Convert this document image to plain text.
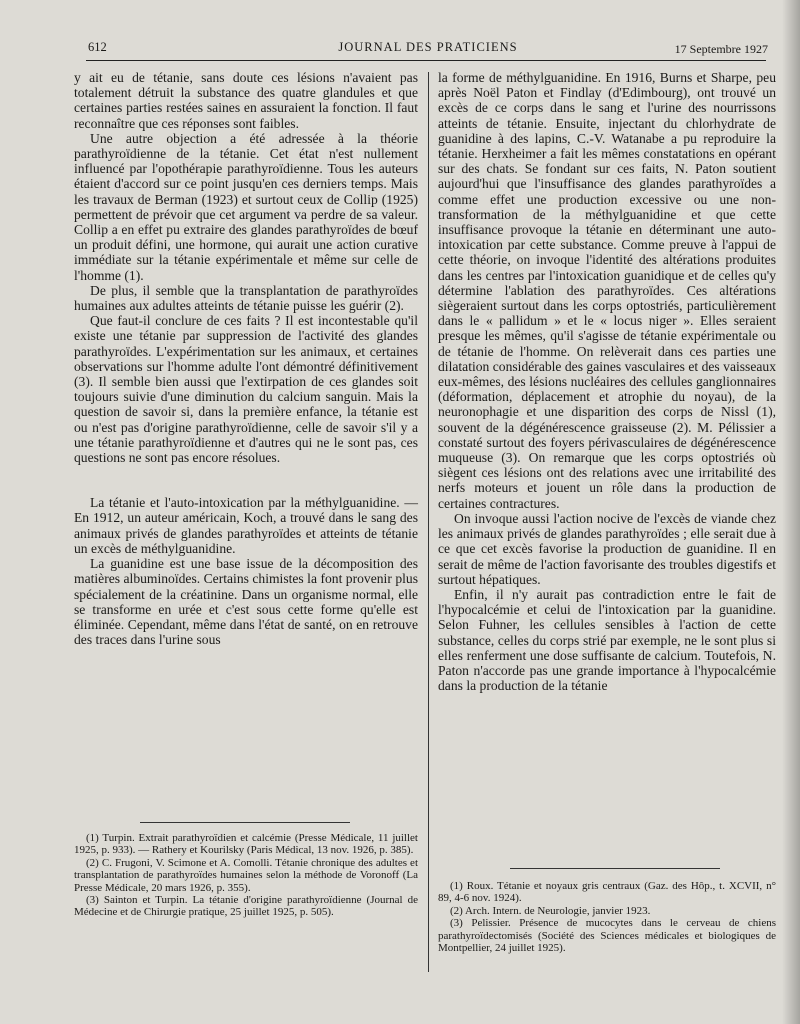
612	JOURNAL DES PRATICIENS	17 Septembre 1927

y ait eu de tétanie, sans doute ces lésions n'avaient pas totalement détruit la substance des quatre glandules et que certaines parties restées saines en assuraient la fonction. Il faut reconnaître que ces réponses sont faibles.

Une autre objection a été adressée à la théorie parathyroïdienne de la tétanie. Cet état n'est nullement influencé par l'opothérapie parathyroïdienne. Tous les auteurs étaient d'accord sur ce point jusqu'en ces derniers temps. Mais les travaux de Berman (1923) et surtout ceux de Collip (1925) permettent de prévoir que cet argument va perdre de sa valeur. Collip a en effet pu extraire des glandes parathyroïdes de bœuf un produit défini, une hormone, qui aurait une action curative immédiate sur la tétanie expérimentale et même sur celle de l'homme (1).

De plus, il semble que la transplantation de parathyroïdes humaines aux adultes atteints de tétanie puisse les guérir (2).

Que faut-il conclure de ces faits ? Il est incontestable qu'il existe une tétanie par suppression de l'activité des glandes parathyroïdes. L'expérimentation sur les animaux, et certaines observations sur l'homme adulte l'ont démontré définitivement (3). Il semble bien aussi que l'extirpation de ces glandes soit toujours suivie d'une diminution du calcium sanguin. Mais la question de savoir si, dans la première enfance, la tétanie est ou n'est pas d'origine parathyroïdienne, celle de savoir s'il y a une tétanie parathyroïdienne et d'autres qui ne le sont pas, ces questions ne sont pas encore résolues.

La tétanie et l'auto-intoxication par la méthylguanidine. — En 1912, un auteur américain, Koch, a trouvé dans le sang des animaux privés de glandes parathyroïdes et atteints de tétanie un excès de méthylguanidine.

La guanidine est une base issue de la décomposition des matières albuminoïdes. Certains chimistes la font provenir plus spécialement de la créatinine. Dans un organisme normal, elle se transforme en urée et c'est sous cette forme qu'elle est éliminée. Cependant, même dans l'état de santé, on en retrouve des traces dans l'urine sous

la forme de méthylguanidine. En 1916, Burns et Sharpe, peu après Noël Paton et Findlay (d'Edimbourg), ont trouvé un excès de ce corps dans le sang et l'urine des nourrissons atteints de tétanie. Ensuite, injectant du chlorhydrate de guanidine à des lapins, C.-V. Watanabe a pu reproduire la tétanie. Herxheimer a fait les mêmes constatations en opérant sur des chats. Se fondant sur ces faits, N. Paton soutient aujourd'hui que l'insuffisance des glandes parathyroïdes a comme effet une production excessive ou une non-transformation de la méthylguanidine et que cette insuffisance provoque la tétanie en déterminant une auto-intoxication par cette substance. Comme preuve à l'appui de cette théorie, on invoque l'identité des altérations produites dans les centres par l'intoxication guanidique et de celles qu'y détermine l'ablation des parathyroïdes. Ces altérations siègeraient surtout dans les corps optostriés, particulièrement dans le « pallidum » et le « locus niger ». Elles seraient presque les mêmes, qu'il s'agisse de tétanie expérimentale ou de tétanie de l'homme. On relèverait dans ces parties une dilatation considérable des gaines vasculaires et des vaisseaux eux-mêmes, des lésions nucléaires des cellules ganglionnaires (déformation, déplacement et atrophie du noyau), de la neuronophagie et une disparition des corps de Nissl (1), souvent de la dégénérescence graisseuse (2). M. Pélissier a constaté surtout des foyers périvasculaires de dégénérescence muqueuse (3). On remarque que les corps optostriés où siègent ces lésions ont des relations avec une irritabilité des nerfs moteurs et jouent un rôle dans la production de certaines contractures.

On invoque aussi l'action nocive de l'excès de viande chez les animaux privés de glandes parathyroïdes ; elle serait due à ce que cet excès favorise la production de guanidine. Il en serait de même de l'action favorisante des troubles digestifs et surtout hépatiques.

Enfin, il n'y aurait pas contradiction entre le fait de l'hypocalcémie et celui de l'intoxication par la guanidine. Selon Fuhner, les cellules sensibles à l'action de cette substance, celles du corps strié par exemple, ne le sont plus si elles renferment une dose suffisante de calcium. Toutefois, N. Paton n'accorde pas une grande importance à l'hypocalcémie dans la production de la tétanie

(1) Turpin. Extrait parathyroïdien et calcémie (Presse Médicale, 11 juillet 1925, p. 933). — Rathery et Kourilsky (Paris Médical, 13 nov. 1926, p. 385).

(2) C. Frugoni, V. Scimone et A. Comolli. Tétanie chronique des adultes et transplantation de parathyroïdes humaines selon la méthode de Voronoff (La Presse Médicale, 20 mars 1926, p. 355).

(3) Sainton et Turpin. La tétanie d'origine parathyroïdienne (Journal de Médecine et de Chirurgie pratique, 25 juillet 1925, p. 505).

(1) Roux. Tétanie et noyaux gris centraux (Gaz. des Hôp., t. XCVII, n° 89, 4-6 nov. 1924).

(2) Arch. Intern. de Neurologie, janvier 1923.

(3) Pelissier. Présence de mucocytes dans le cerveau de chiens parathyroïdectomisés (Société des Sciences médicales et biologiques de Montpellier, 24 juillet 1925).
